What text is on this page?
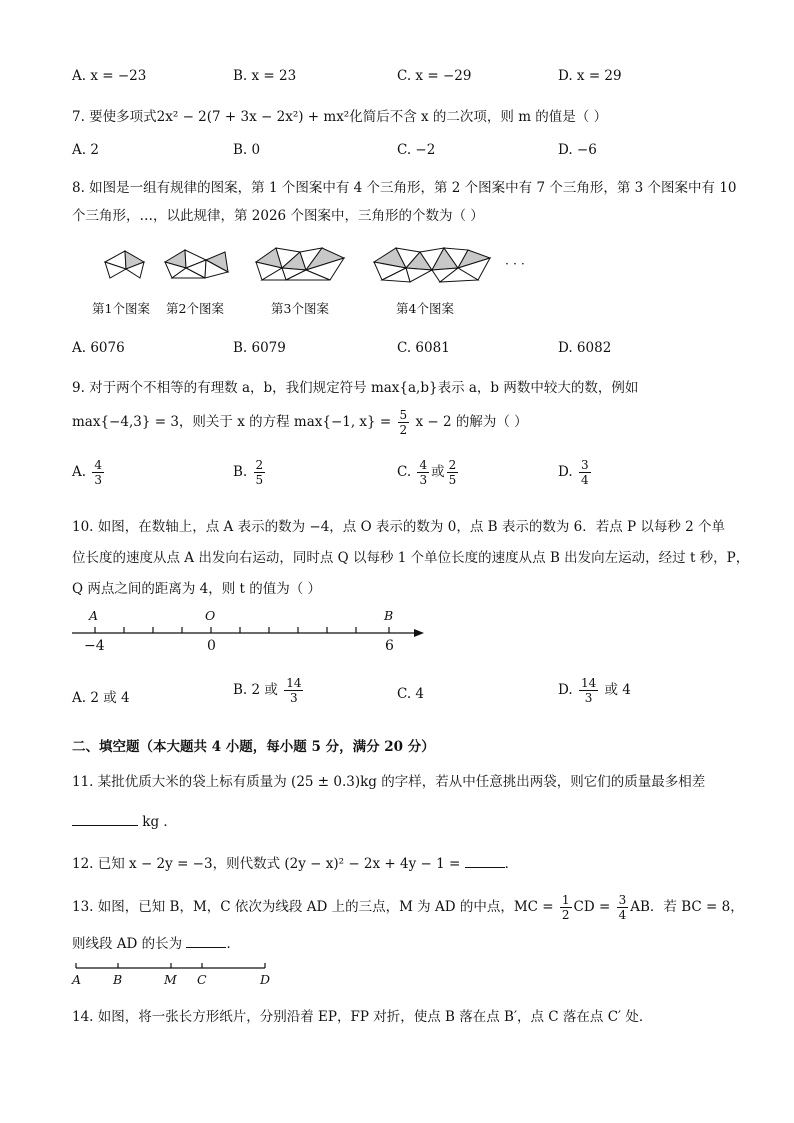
A. x = −23	B. x = 23	C. x = −29	D. x = 29
7. 要使多项式2x² − 2(7 + 3x − 2x²) + mx²化简后不含 x 的二次项，则 m 的值是（ ）
A. 2	B. 0	C. −2	D. −6
8. 如图是一组有规律的图案，第 1 个图案中有 4 个三角形，第 2 个图案中有 7 个三角形，第 3 个图案中有 10
个三角形，…，以此规律，第 2026 个图案中，三角形的个数为（ ）
· · ·
第1个图案 第2个图案	第3个图案	第4个图案
A. 6076	B. 6079	C. 6081	D. 6082
9. 对于两个不相等的有理数 a，b，我们规定符号 max{a,b}表示 a，b 两数中较大的数，例如
max{−4,3} = 3，则关于 x 的方程 max{−1, $x\} = \frac{5}{2}$ x − 2 的解为（ ）
A. $\frac{4}{3}$	B. $\frac{2}{5}$	C. $\frac{4}{3}$ 或 $\frac{2}{5}$	D. $\frac{3}{4}$
10. 如图，在数轴上，点 A 表示的数为 −4，点 O 表示的数为 0，点 B 表示的数为 6．若点 P 以每秒 2 个单
位长度的速度从点 A 出发向右运动，同时点 Q 以每秒 1 个单位长度的速度从点 B 出发向左运动，经过 t 秒，P，
Q 两点之间的距离为 4，则 t 的值为（ ）
A	O	B
−4	0	6
A. 2 或 4	B. 2 或 $\frac{14}{3}$	C. 4	D. $\frac{14}{3}$ 或 4
二、填空题（本大题共 4 小题，每小题 5 分，满分 20 分）
11. 某批优质大米的袋上标有质量为 (25 ± 0.3)kg 的字样，若从中任意挑出两袋，则它们的质量最多相差
kg ．
12. 已知 x − 2y = −3，则代数式 (2y − x)² − 2x + 4y − 1 =	．
13. 如图，已知 B，M，C 依次为线段 AD 上的三点，M 为 AD 的中点，MC = $\frac{1}{2}$ CD = $\frac{3}{4}$ AB．若 BC = 8，
则线段 AD 的长为	．
A	B	M C	D
14. 如图，将一张长方形纸片，分别沿着 EP，FP 对折，使点 B 落在点 B′，点 C 落在点 C′ 处．
